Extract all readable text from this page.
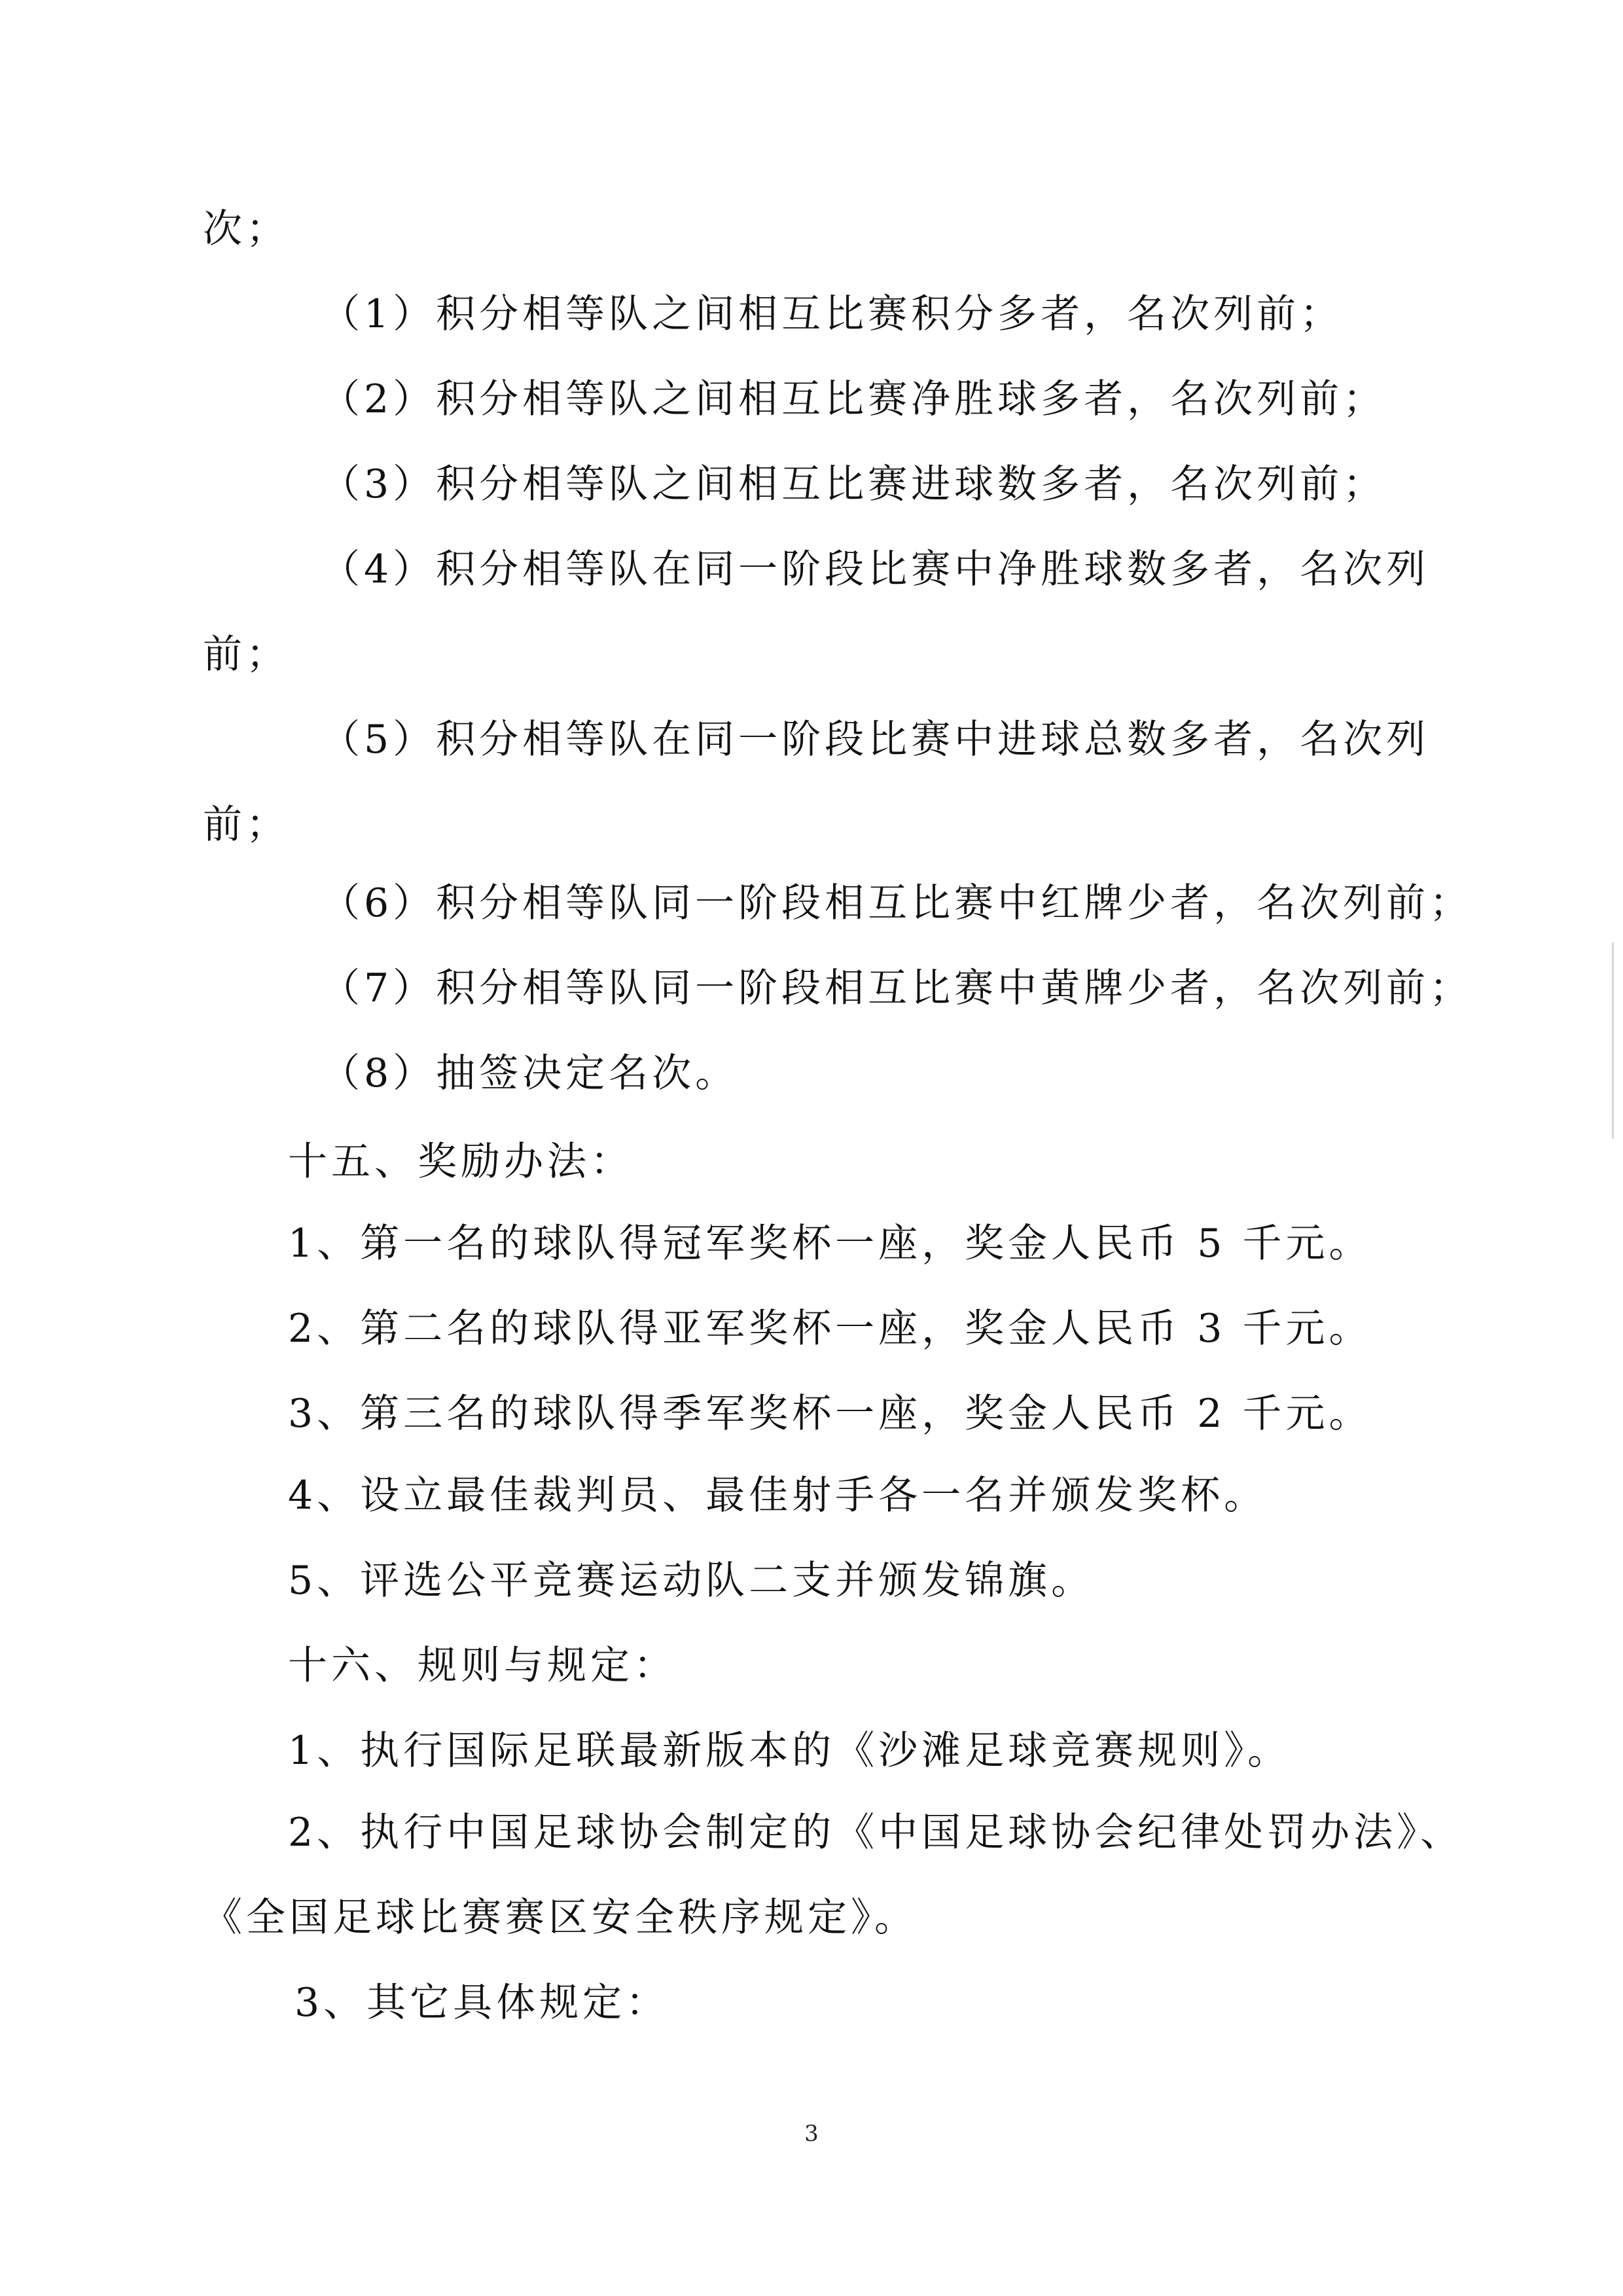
次；
（1）积分相等队之间相互比赛积分多者，名次列前；
（2）积分相等队之间相互比赛净胜球多者，名次列前；
（3）积分相等队之间相互比赛进球数多者，名次列前；
（4）积分相等队在同一阶段比赛中净胜球数多者，名次列
前；
（5）积分相等队在同一阶段比赛中进球总数多者，名次列
前；
（6）积分相等队同一阶段相互比赛中红牌少者，名次列前；
（7）积分相等队同一阶段相互比赛中黄牌少者，名次列前；
（8）抽签决定名次。
十五、奖励办法：
1、第一名的球队得冠军奖杯一座，奖金人民币 5 千元。
2、第二名的球队得亚军奖杯一座，奖金人民币 3 千元。
3、第三名的球队得季军奖杯一座，奖金人民币 2 千元。
4、设立最佳裁判员、最佳射手各一名并颁发奖杯。
5、评选公平竞赛运动队二支并颁发锦旗。
十六、规则与规定：
1、执行国际足联最新版本的《沙滩足球竞赛规则》。
2、执行中国足球协会制定的《中国足球协会纪律处罚办法》、
《全国足球比赛赛区安全秩序规定》。
3、其它具体规定：
3
